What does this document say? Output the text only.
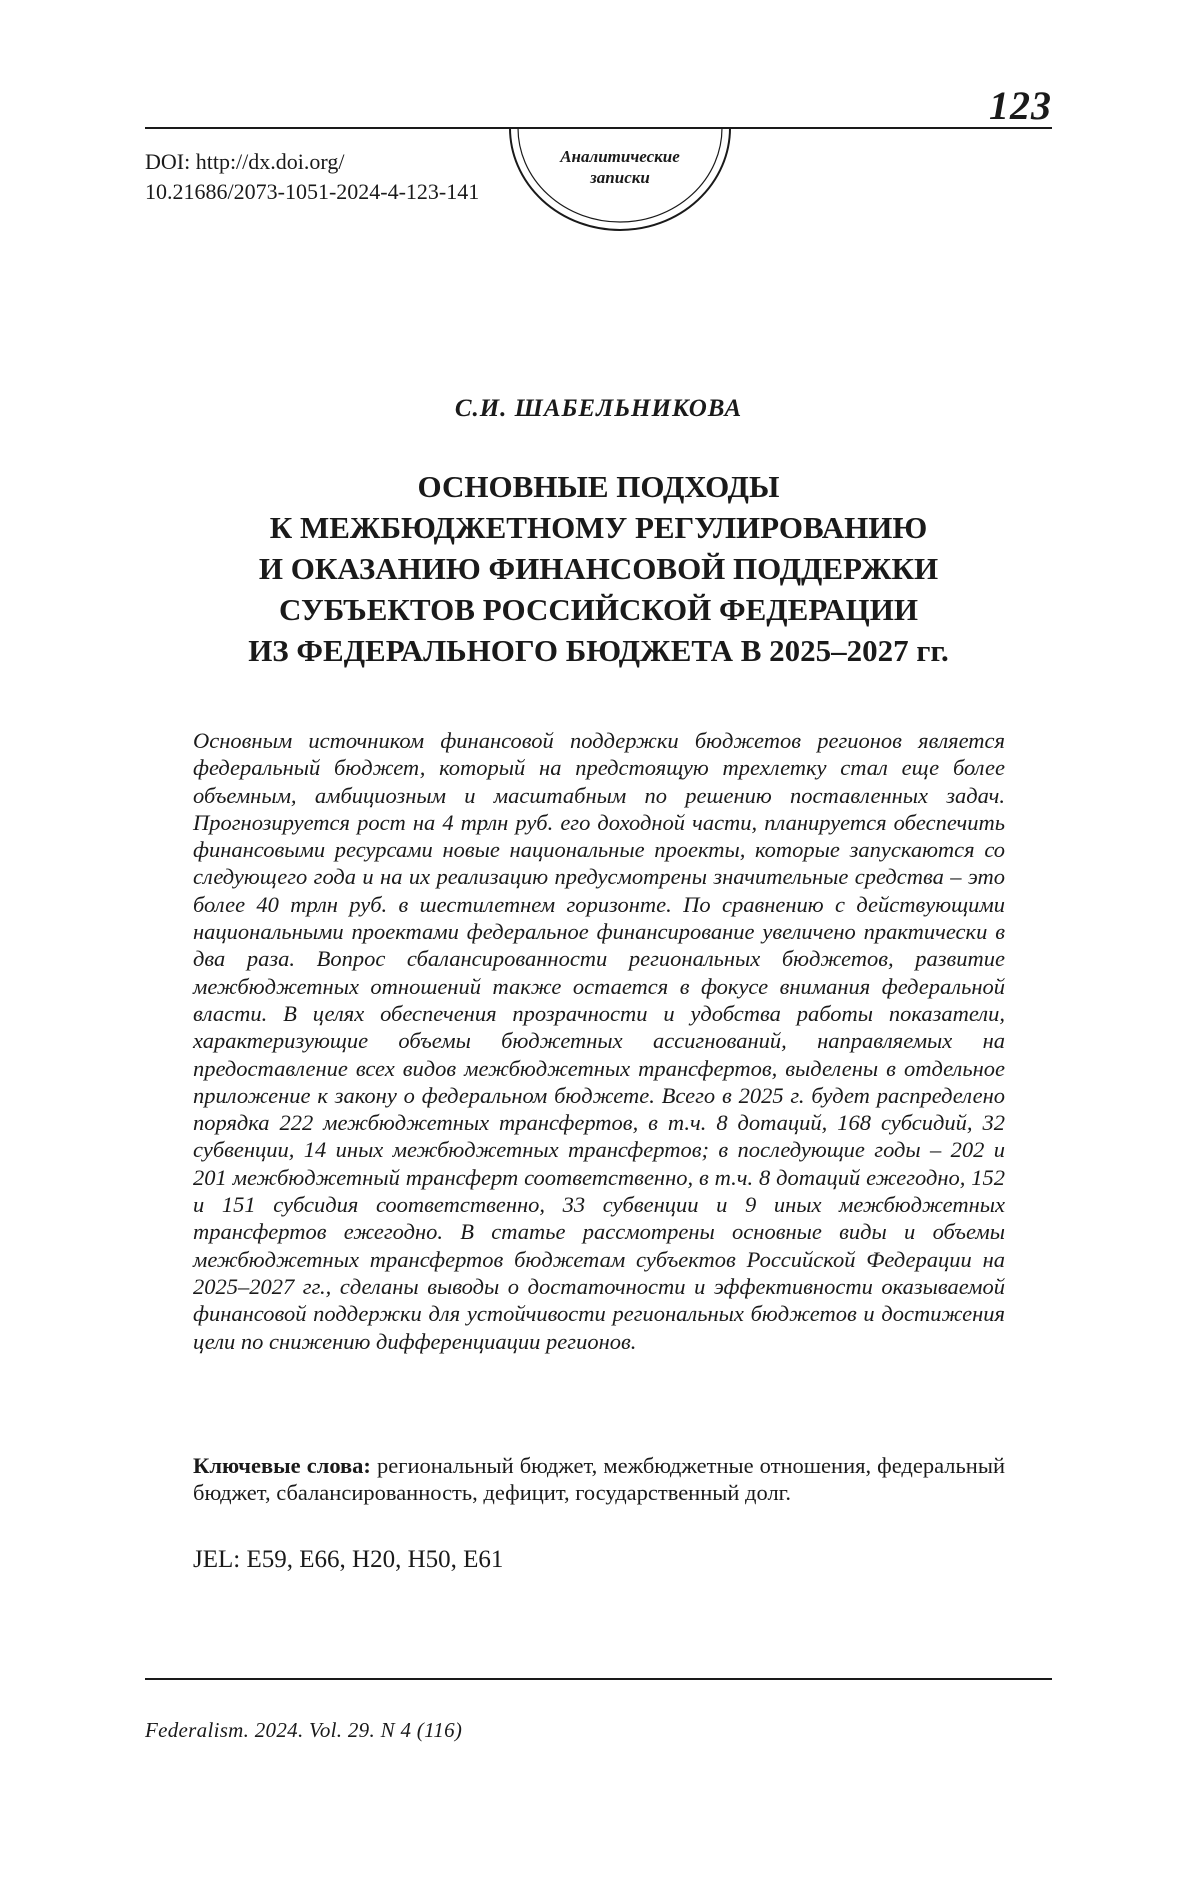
123
DOI: http://dx.doi.org/
10.21686/2073-1051-2024-4-123-141
Аналитические
записки
С.И. ШАБЕЛЬНИКОВА
ОСНОВНЫЕ ПОДХОДЫ
К МЕЖБЮДЖЕТНОМУ РЕГУЛИРОВАНИЮ
И ОКАЗАНИЮ ФИНАНСОВОЙ ПОДДЕРЖКИ
СУБЪЕКТОВ РОССИЙСКОЙ ФЕДЕРАЦИИ
ИЗ ФЕДЕРАЛЬНОГО БЮДЖЕТА В 2025–2027 гг.

Основным источником финансовой поддержки бюджетов регионов является федеральный бюджет, который на предстоящую трехлетку стал еще более объемным, амбициозным и масштабным по решению поставленных задач. Прогнозируется рост на 4 трлн руб. его доходной части, планируется обеспечить финансовыми ресурсами новые национальные проекты, которые запускаются со следующего года и на их реализацию предусмотрены значительные средства – это более 40 трлн руб. в шестилетнем горизонте. По сравнению с действующими национальными проектами федеральное финансирование увеличено практически в два раза. Вопрос сбалансированности региональных бюджетов, развитие межбюджетных отношений также остается в фокусе внимания федеральной власти. В целях обеспечения прозрачности и удобства работы показатели, характеризующие объемы бюджетных ассигнований, направляемых на предоставление всех видов межбюджетных трансфертов, выделены в отдельное приложение к закону о федеральном бюджете. Всего в 2025 г. будет распределено порядка 222 межбюджетных трансфертов, в т.ч. 8 дотаций, 168 субсидий, 32 субвенции, 14 иных межбюджетных трансфертов; в последующие годы – 202 и 201 межбюджетный трансферт соответственно, в т.ч. 8 дотаций ежегодно, 152 и 151 субсидия соответственно, 33 субвенции и 9 иных межбюджетных трансфертов ежегодно. В статье рассмотрены основные виды и объемы межбюджетных трансфертов бюджетам субъектов Российской Федерации на 2025–2027 гг., сделаны выводы о достаточности и эффективности оказываемой финансовой поддержки для устойчивости региональных бюджетов и достижения цели по снижению дифференциации регионов.

Ключевые слова: региональный бюджет, межбюджетные отношения, федеральный бюджет, сбалансированность, дефицит, государственный долг.

JEL: E59, E66, H20, H50, E61
Federalism. 2024. Vol. 29. N 4 (116)
